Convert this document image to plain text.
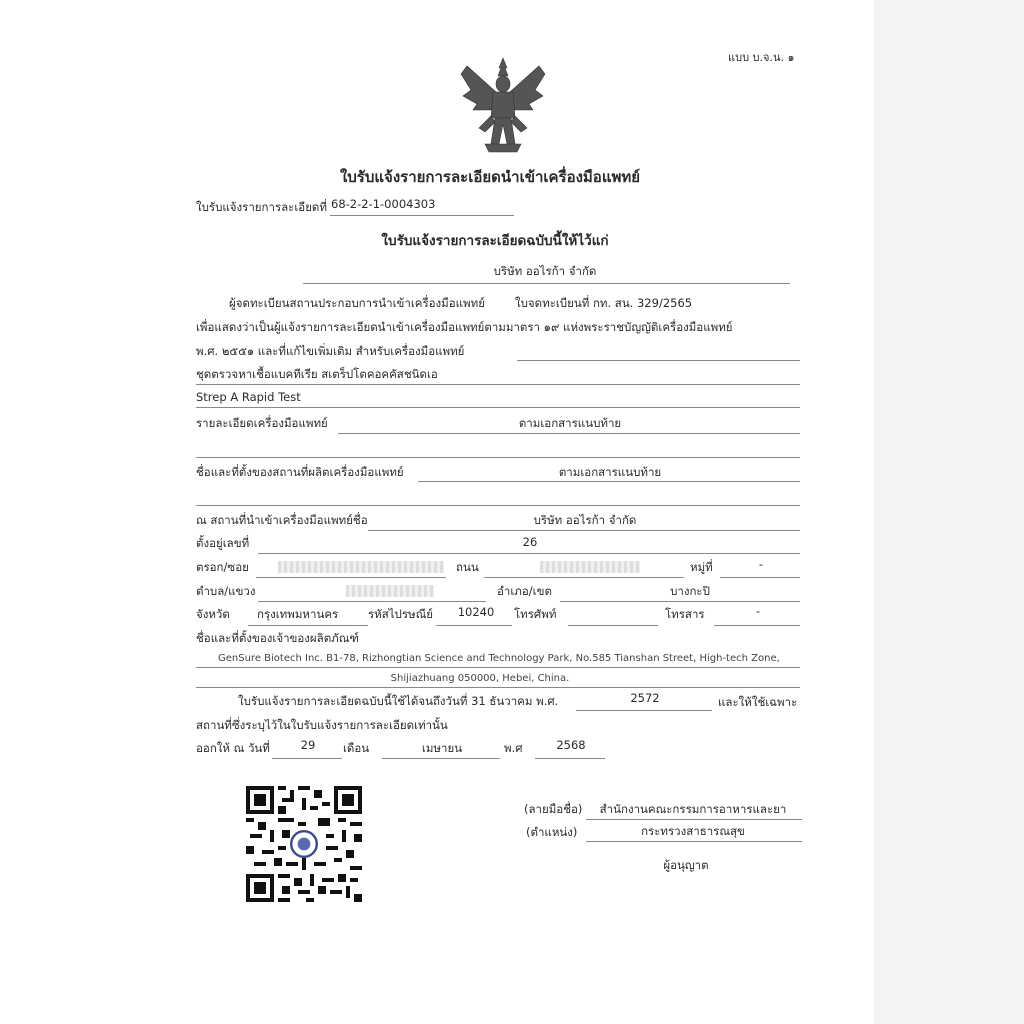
แบบ บ.จ.น. ๑
ใบรับแจ้งรายการละเอียดนำเข้าเครื่องมือแพทย์
ใบรับแจ้งรายการละเอียดที่ 68-2-2-1-0004303
ใบรับแจ้งรายการละเอียดฉบับนี้ให้ไว้แก่
บริษัท ออไรก้า จำกัด
ผู้จดทะเบียนสถานประกอบการนำเข้าเครื่องมือแพทย์	ใบจดทะเบียนที่ กท. สน. 329/2565
เพื่อแสดงว่าเป็นผู้แจ้งรายการละเอียดนำเข้าเครื่องมือแพทย์ตามมาตรา ๑๙ แห่งพระราชบัญญัติเครื่องมือแพทย์
พ.ศ. ๒๕๕๑ และที่แก้ไขเพิ่มเติม สำหรับเครื่องมือแพทย์
ชุดตรวจหาเชื้อแบคทีเรีย สเตร็ปโตคอคคัสชนิดเอ
Strep A Rapid Test
รายละเอียดเครื่องมือแพทย์	ตามเอกสารแนบท้าย
ชื่อและที่ตั้งของสถานที่ผลิตเครื่องมือแพทย์	ตามเอกสารแนบท้าย
ณ สถานที่นำเข้าเครื่องมือแพทย์ชื่อ	บริษัท ออไรก้า จำกัด
ตั้งอยู่เลขที่	26
ตรอก/ซอย	ถนน	หมู่ที่	-
ตำบล/แขวง	อำเภอ/เขต	บางกะปิ
จังหวัด กรุงเทพมหานคร	รหัสไปรษณีย์	10240	โทรศัพท์	โทรสาร	-
ชื่อและที่ตั้งของเจ้าของผลิตภัณฑ์
GenSure Biotech Inc. B1-78, Rizhongtian Science and Technology Park, No.585 Tianshan Street, High-tech Zone,
Shijiazhuang 050000, Hebei, China.
ใบรับแจ้งรายการละเอียดฉบับนี้ใช้ได้จนถึงวันที่ 31 ธันวาคม พ.ศ.	2572	และให้ใช้เฉพาะ
สถานที่ซึ่งระบุไว้ในใบรับแจ้งรายการละเอียดเท่านั้น
ออกให้ ณ วันที่	29	เดือน	เมษายน	พ.ศ	2568
(ลายมือชื่อ)	สำนักงานคณะกรรมการอาหารและยา
(ตำแหน่ง)	กระทรวงสาธารณสุข
ผู้อนุญาต
